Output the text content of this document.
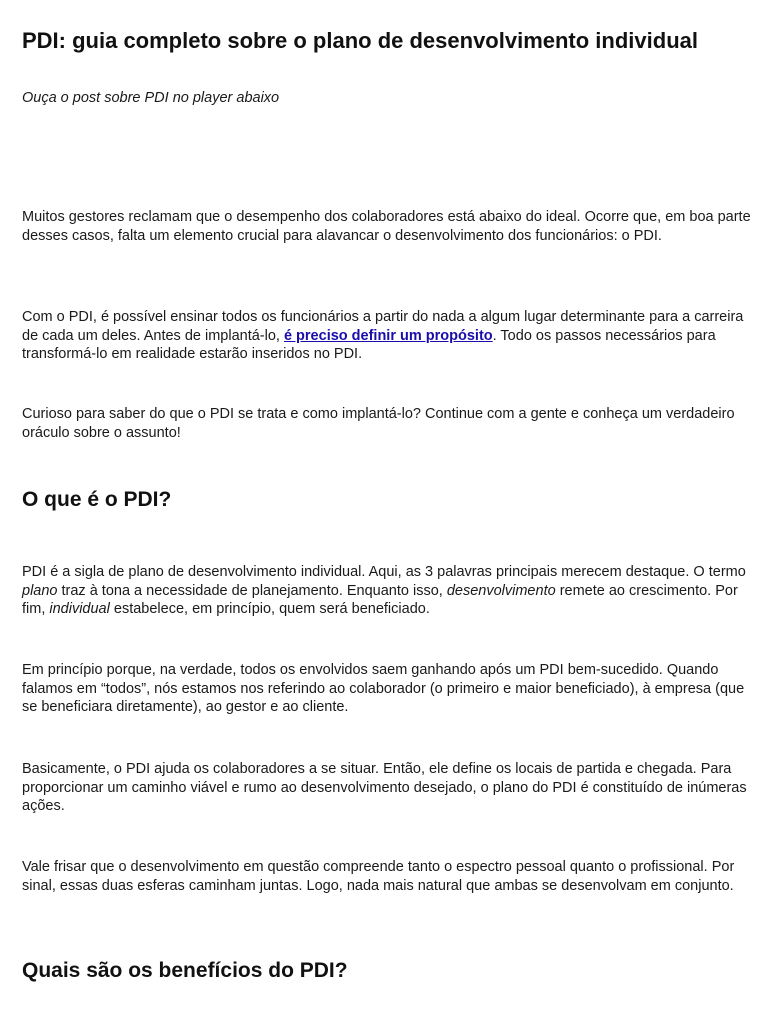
PDI: guia completo sobre o plano de desenvolvimento individual

Ouça o post sobre PDI no player abaixo

Muitos gestores reclamam que o desempenho dos colaboradores está abaixo do ideal. Ocorre que, em boa parte desses casos, falta um elemento crucial para alavancar o desenvolvimento dos funcionários: o PDI.

Com o PDI, é possível ensinar todos os funcionários a partir do nada a algum lugar determinante para a carreira de cada um deles. Antes de implantá-lo, é preciso definir um propósito. Todo os passos necessários para transformá-lo em realidade estarão inseridos no PDI.

Curioso para saber do que o PDI se trata e como implantá-lo? Continue com a gente e conheça um verdadeiro oráculo sobre o assunto!

O que é o PDI?

PDI é a sigla de plano de desenvolvimento individual. Aqui, as 3 palavras principais merecem destaque. O termo plano traz à tona a necessidade de planejamento. Enquanto isso, desenvolvimento remete ao crescimento. Por fim, individual estabelece, em princípio, quem será beneficiado.

Em princípio porque, na verdade, todos os envolvidos saem ganhando após um PDI bem-sucedido. Quando falamos em “todos”, nós estamos nos referindo ao colaborador (o primeiro e maior beneficiado), à empresa (que se beneficiara diretamente), ao gestor e ao cliente.

Basicamente, o PDI ajuda os colaboradores a se situar. Então, ele define os locais de partida e chegada. Para proporcionar um caminho viável e rumo ao desenvolvimento desejado, o plano do PDI é constituído de inúmeras ações.

Vale frisar que o desenvolvimento em questão compreende tanto o espectro pessoal quanto o profissional. Por sinal, essas duas esferas caminham juntas. Logo, nada mais natural que ambas se desenvolvam em conjunto.

Quais são os benefícios do PDI?
